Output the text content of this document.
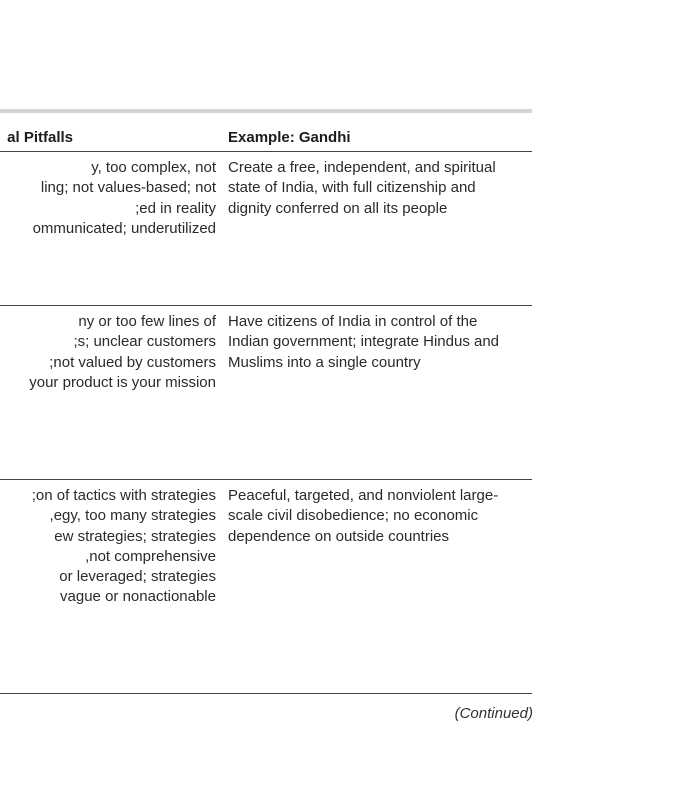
al Pitfalls	Example: Gandhi
y, too complex, not
ling; not values-based; not
ed in reality;
ommunicated; underutilized
Create a free, independent, and spiritual
state of India, with full citizenship and
dignity conferred on all its people
ny or too few lines of
s; unclear customers;
not valued by customers;
your product is your mission
Have citizens of India in control of the
Indian government; integrate Hindus and
Muslims into a single country
on of tactics with strategies;
egy, too many strategies,
ew strategies; strategies
not comprehensive,
or leveraged; strategies
vague or nonactionable
Peaceful, targeted, and nonviolent large-
scale civil disobedience; no economic
dependence on outside countries
(Continued)
